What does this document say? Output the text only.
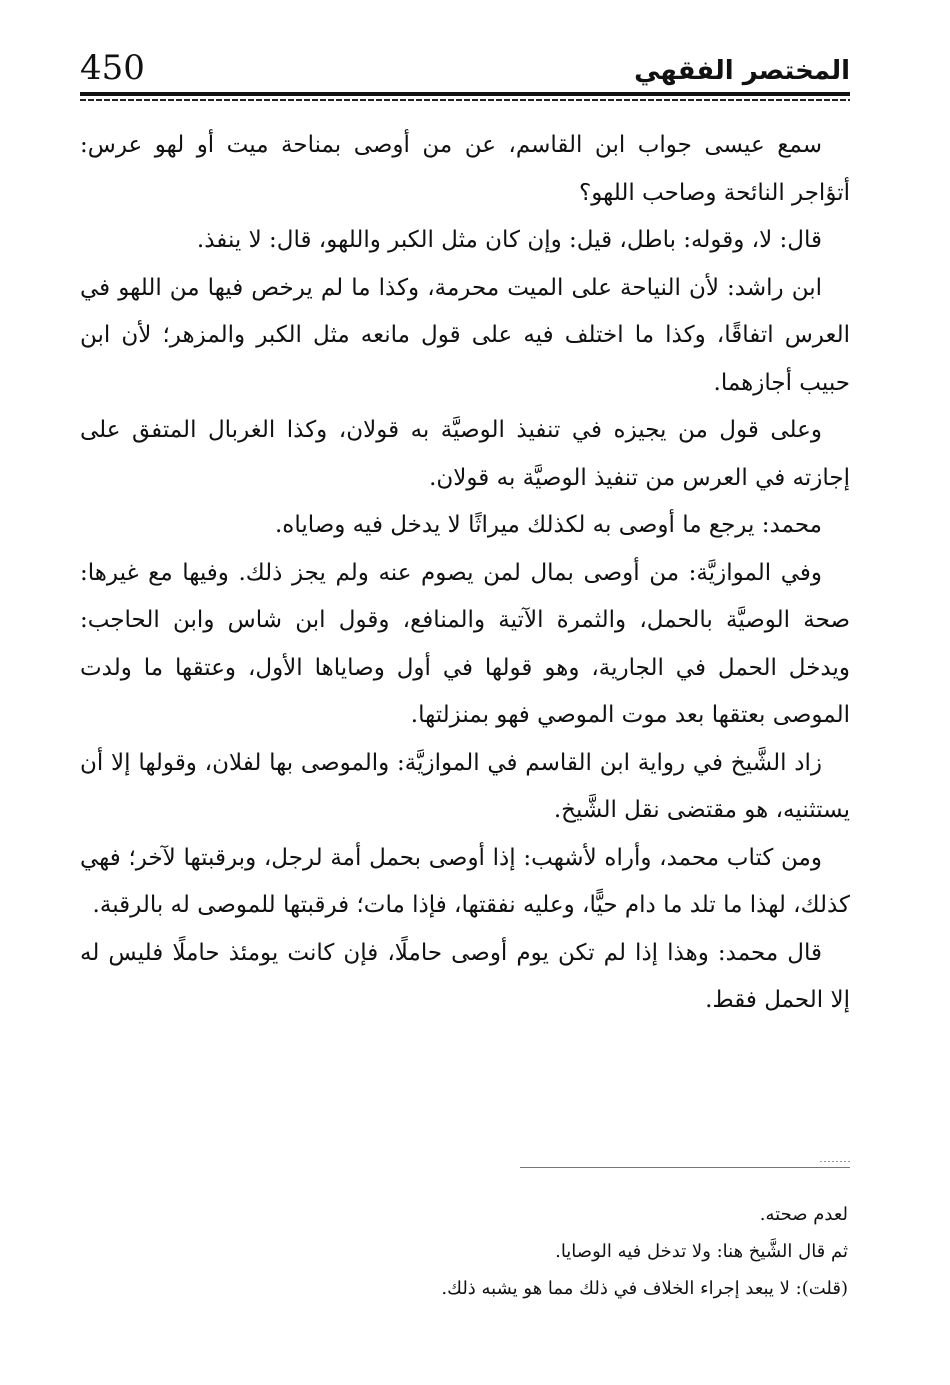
450	المختصر الفقهي

سمع عيسى جواب ابن القاسم، عن من أوصى بمناحة ميت أو لهو عرس: أتؤاجر النائحة وصاحب اللهو؟

قال: لا، وقوله: باطل، قيل: وإن كان مثل الكبر واللهو، قال: لا ينفذ.

ابن راشد: لأن النياحة على الميت محرمة، وكذا ما لم يرخص فيها من اللهو في العرس اتفاقًا، وكذا ما اختلف فيه على قول مانعه مثل الكبر والمزهر؛ لأن ابن حبيب أجازهما.

وعلى قول من يجيزه في تنفيذ الوصيَّة به قولان، وكذا الغربال المتفق على إجازته في العرس من تنفيذ الوصيَّة به قولان.

محمد: يرجع ما أوصى به لكذلك ميراثًا لا يدخل فيه وصاياه.

وفي الموازيَّة: من أوصى بمال لمن يصوم عنه ولم يجز ذلك. وفيها مع غيرها: صحة الوصيَّة بالحمل، والثمرة الآتية والمنافع، وقول ابن شاس وابن الحاجب: ويدخل الحمل في الجارية، وهو قولها في أول وصاياها الأول، وعتقها ما ولدت الموصى بعتقها بعد موت الموصي فهو بمنزلتها.

زاد الشَّيخ في رواية ابن القاسم في الموازيَّة: والموصى بها لفلان، وقولها إلا أن يستثنيه، هو مقتضى نقل الشَّيخ.

ومن كتاب محمد، وأراه لأشهب: إذا أوصى بحمل أمة لرجل، وبرقبتها لآخر؛ فهي كذلك، لهذا ما تلد ما دام حيًّا، وعليه نفقتها، فإذا مات؛ فرقبتها للموصى له بالرقبة.

قال محمد: وهذا إذا لم تكن يوم أوصى حاملًا، فإن كانت يومئذ حاملًا فليس له إلا الحمل فقط.

لعدم صحته.

ثم قال الشَّيخ هنا: ولا تدخل فيه الوصايا.

(قلت): لا يبعد إجراء الخلاف في ذلك مما هو يشبه ذلك.
